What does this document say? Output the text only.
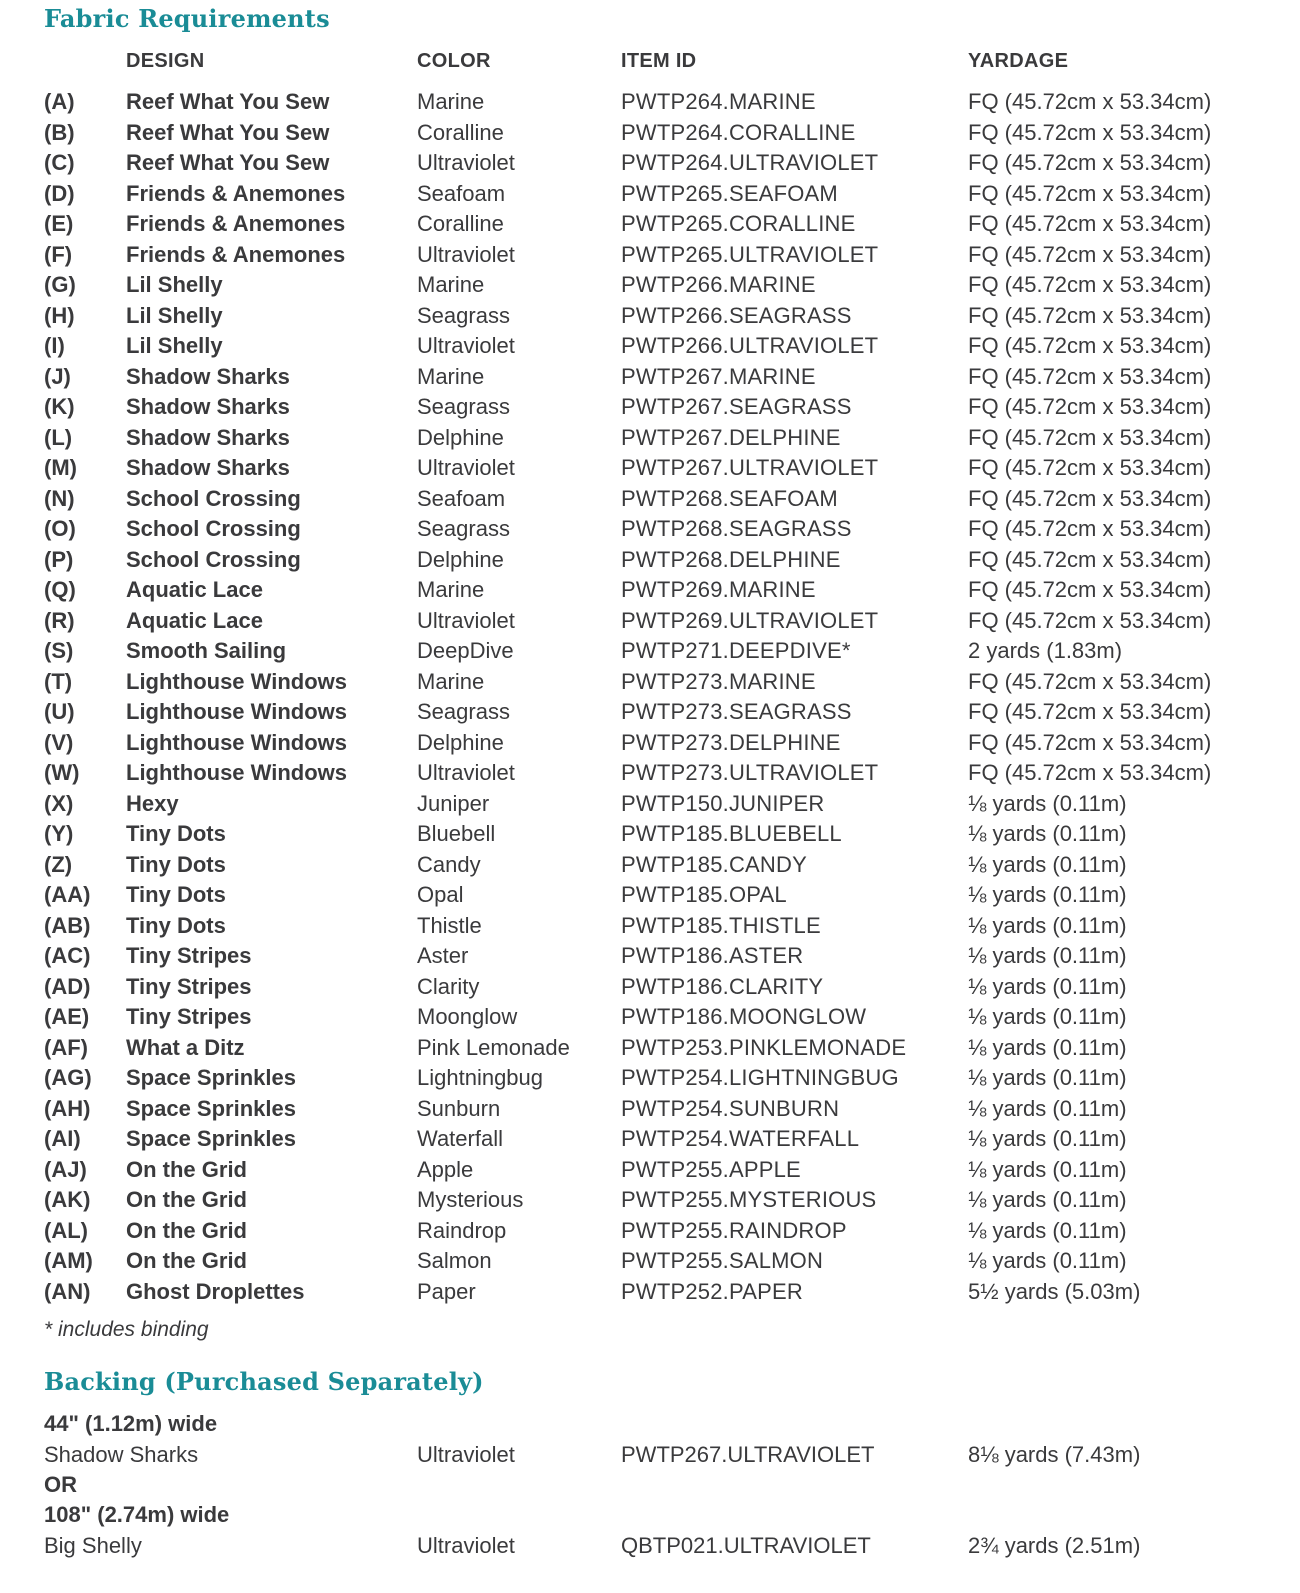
Fabric Requirements
DESIGN	COLOR	ITEM ID	YARDAGE
(A) Reef What You Sew	Marine	PWTP264.MARINE	FQ (45.72cm x 53.34cm)
(B) Reef What You Sew	Coralline	PWTP264.CORALLINE	FQ (45.72cm x 53.34cm)
(C) Reef What You Sew	Ultraviolet	PWTP264.ULTRAVIOLET	FQ (45.72cm x 53.34cm)
(D) Friends & Anemones	Seafoam	PWTP265.SEAFOAM	FQ (45.72cm x 53.34cm)
(E) Friends & Anemones	Coralline	PWTP265.CORALLINE	FQ (45.72cm x 53.34cm)
(F) Friends & Anemones	Ultraviolet	PWTP265.ULTRAVIOLET	FQ (45.72cm x 53.34cm)
(G) Lil Shelly	Marine	PWTP266.MARINE	FQ (45.72cm x 53.34cm)
(H) Lil Shelly	Seagrass	PWTP266.SEAGRASS	FQ (45.72cm x 53.34cm)
(I)	Lil Shelly	Ultraviolet	PWTP266.ULTRAVIOLET	FQ (45.72cm x 53.34cm)
(J)	Shadow Sharks	Marine	PWTP267.MARINE	FQ (45.72cm x 53.34cm)
(K) Shadow Sharks	Seagrass	PWTP267.SEAGRASS	FQ (45.72cm x 53.34cm)
(L) Shadow Sharks	Delphine	PWTP267.DELPHINE	FQ (45.72cm x 53.34cm)
(M) Shadow Sharks	Ultraviolet	PWTP267.ULTRAVIOLET	FQ (45.72cm x 53.34cm)
(N) School Crossing	Seafoam	PWTP268.SEAFOAM	FQ (45.72cm x 53.34cm)
(O) School Crossing	Seagrass	PWTP268.SEAGRASS	FQ (45.72cm x 53.34cm)
(P) School Crossing	Delphine	PWTP268.DELPHINE	FQ (45.72cm x 53.34cm)
(Q) Aquatic Lace	Marine	PWTP269.MARINE	FQ (45.72cm x 53.34cm)
(R) Aquatic Lace	Ultraviolet	PWTP269.ULTRAVIOLET	FQ (45.72cm x 53.34cm)
(S) Smooth Sailing	DeepDive	PWTP271.DEEPDIVE*	2 yards (1.83m)
(T) Lighthouse Windows	Marine	PWTP273.MARINE	FQ (45.72cm x 53.34cm)
(U) Lighthouse Windows	Seagrass	PWTP273.SEAGRASS	FQ (45.72cm x 53.34cm)
(V) Lighthouse Windows	Delphine	PWTP273.DELPHINE	FQ (45.72cm x 53.34cm)
(W) Lighthouse Windows	Ultraviolet	PWTP273.ULTRAVIOLET	FQ (45.72cm x 53.34cm)
(X) Hexy	Juniper	PWTP150.JUNIPER	⅛ yards (0.11m)
(Y) Tiny Dots	Bluebell	PWTP185.BLUEBELL	⅛ yards (0.11m)
(Z) Tiny Dots	Candy	PWTP185.CANDY	⅛ yards (0.11m)
(AA) Tiny Dots	Opal	PWTP185.OPAL	⅛ yards (0.11m)
(AB) Tiny Dots	Thistle	PWTP185.THISTLE	⅛ yards (0.11m)
(AC) Tiny Stripes	Aster	PWTP186.ASTER	⅛ yards (0.11m)
(AD) Tiny Stripes	Clarity	PWTP186.CLARITY	⅛ yards (0.11m)
(AE) Tiny Stripes	Moonglow	PWTP186.MOONGLOW	⅛ yards (0.11m)
(AF) What a Ditz	Pink Lemonade PWTP253.PINKLEMONADE	⅛ yards (0.11m)
(AG) Space Sprinkles	Lightningbug	PWTP254.LIGHTNINGBUG	⅛ yards (0.11m)
(AH) Space Sprinkles	Sunburn	PWTP254.SUNBURN	⅛ yards (0.11m)
(AI) Space Sprinkles	Waterfall	PWTP254.WATERFALL	⅛ yards (0.11m)
(AJ) On the Grid	Apple	PWTP255.APPLE	⅛ yards (0.11m)
(AK) On the Grid	Mysterious	PWTP255.MYSTERIOUS	⅛ yards (0.11m)
(AL) On the Grid	Raindrop	PWTP255.RAINDROP	⅛ yards (0.11m)
(AM) On the Grid	Salmon	PWTP255.SALMON	⅛ yards (0.11m)
(AN) Ghost Droplettes	Paper	PWTP252.PAPER	5½ yards (5.03m)
* includes binding
Backing (Purchased Separately)
44" (1.12m) wide
Shadow Sharks	Ultraviolet	PWTP267.ULTRAVIOLET	8⅛ yards (7.43m)
OR
108" (2.74m) wide
Big Shelly	Ultraviolet	QBTP021.ULTRAVIOLET	2¾ yards (2.51m)
